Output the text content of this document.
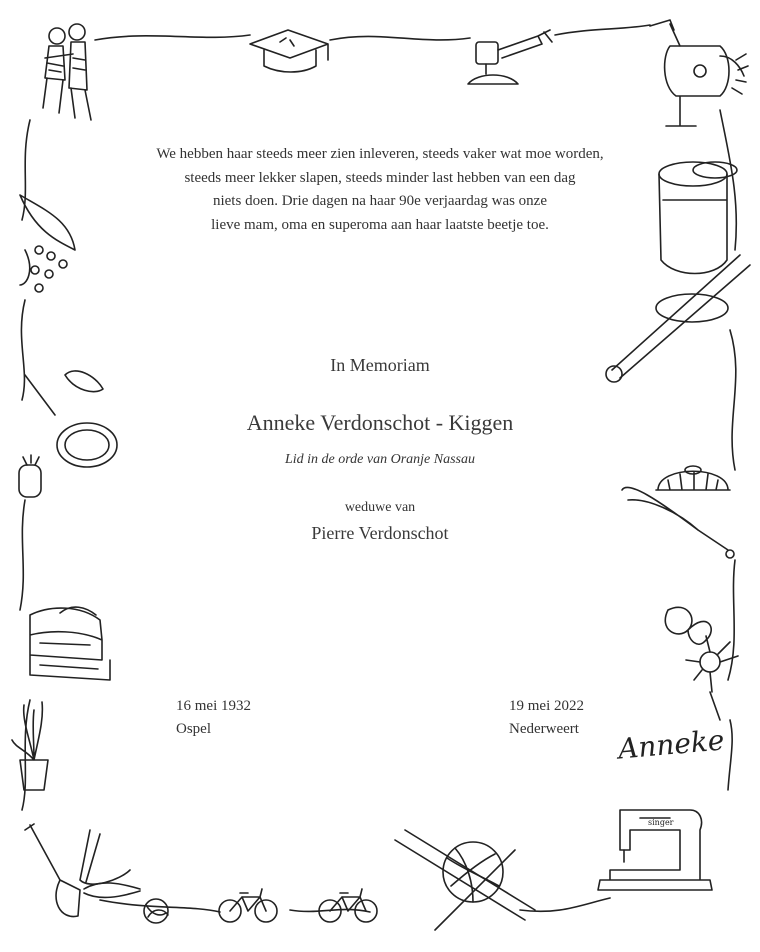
singer
We hebben haar steeds meer zien inleveren, steeds vaker wat moe worden,
steeds meer lekker slapen, steeds minder last hebben van een dag
niets doen. Drie dagen na haar 90e verjaardag was onze
lieve mam, oma en superoma aan haar laatste beetje toe.
In Memoriam
Anneke Verdonschot - Kiggen
Lid in de orde van Oranje Nassau
weduwe van
Pierre Verdonschot
16 mei 1932
Ospel
19 mei 2022
Nederweert Anneke
